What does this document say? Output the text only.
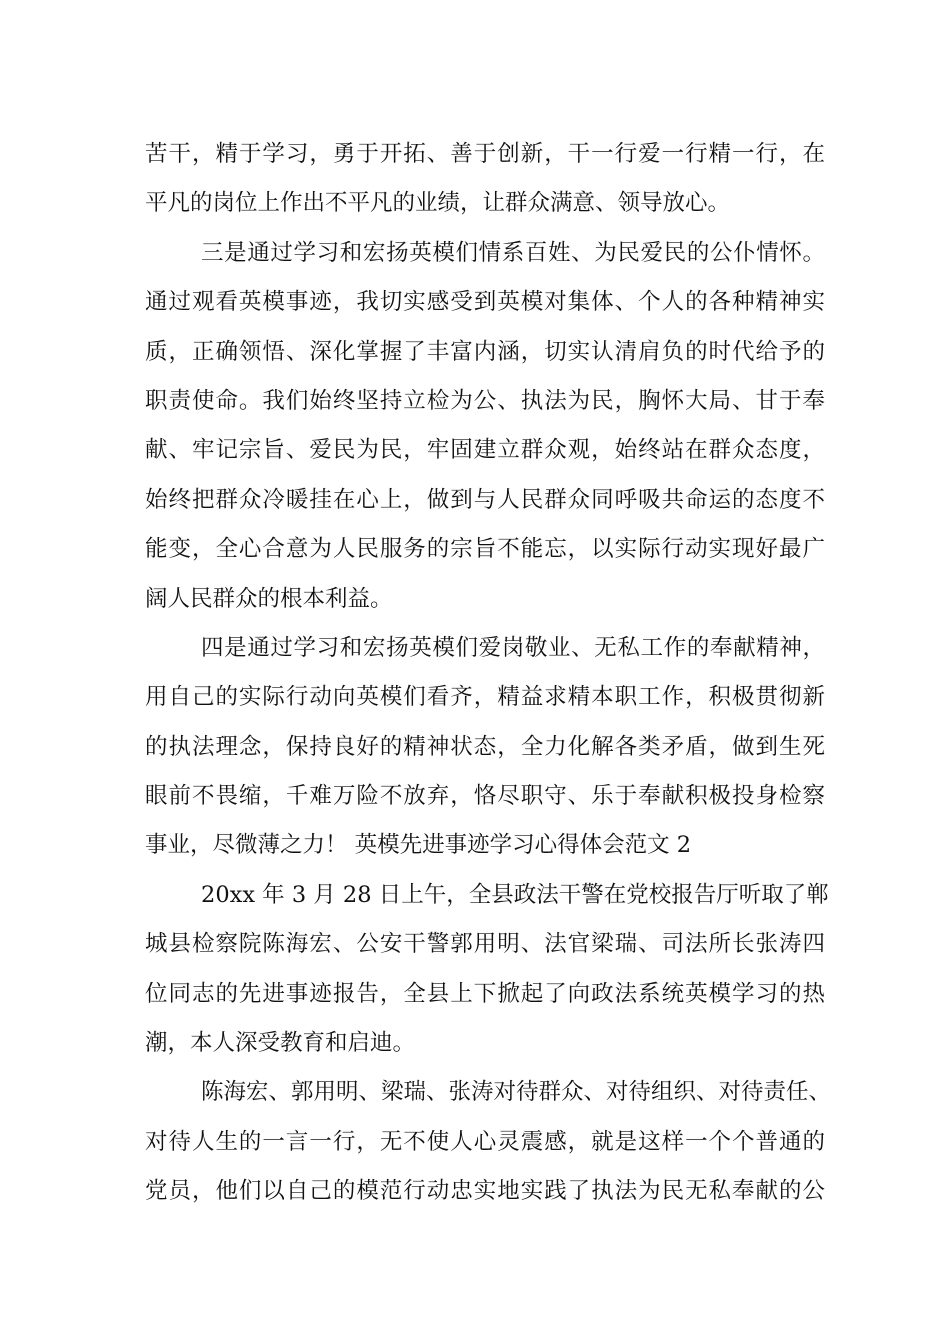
苦干，精于学习，勇于开拓、善于创新，干一行爱一行精一行，在
平凡的岗位上作出不平凡的业绩，让群众满意、领导放心。
三是通过学习和宏扬英模们情系百姓、为民爱民的公仆情怀。
通过观看英模事迹，我切实感受到英模对集体、个人的各种精神实
质，正确领悟、深化掌握了丰富内涵，切实认清肩负的时代给予的
职责使命。我们始终坚持立检为公、执法为民，胸怀大局、甘于奉
献、牢记宗旨、爱民为民，牢固建立群众观，始终站在群众态度，
始终把群众冷暖挂在心上，做到与人民群众同呼吸共命运的态度不
能变，全心合意为人民服务的宗旨不能忘，以实际行动实现好最广
阔人民群众的根本利益。
四是通过学习和宏扬英模们爱岗敬业、无私工作的奉献精神，
用自己的实际行动向英模们看齐，精益求精本职工作，积极贯彻新
的执法理念，保持良好的精神状态，全力化解各类矛盾，做到生死
眼前不畏缩，千难万险不放弃，恪尽职守、乐于奉献积极投身检察
事业，尽微薄之力！ 英模先进事迹学习心得体会范文 2
20xx 年 3 月 28 日上午，全县政法干警在党校报告厅听取了郸
城县检察院陈海宏、公安干警郭用明、法官梁瑞、司法所长张涛四
位同志的先进事迹报告，全县上下掀起了向政法系统英模学习的热
潮，本人深受教育和启迪。
陈海宏、郭用明、梁瑞、张涛对待群众、对待组织、对待责任、
对待人生的一言一行，无不使人心灵震感，就是这样一个个普通的
党员，他们以自己的模范行动忠实地实践了执法为民无私奉献的公
